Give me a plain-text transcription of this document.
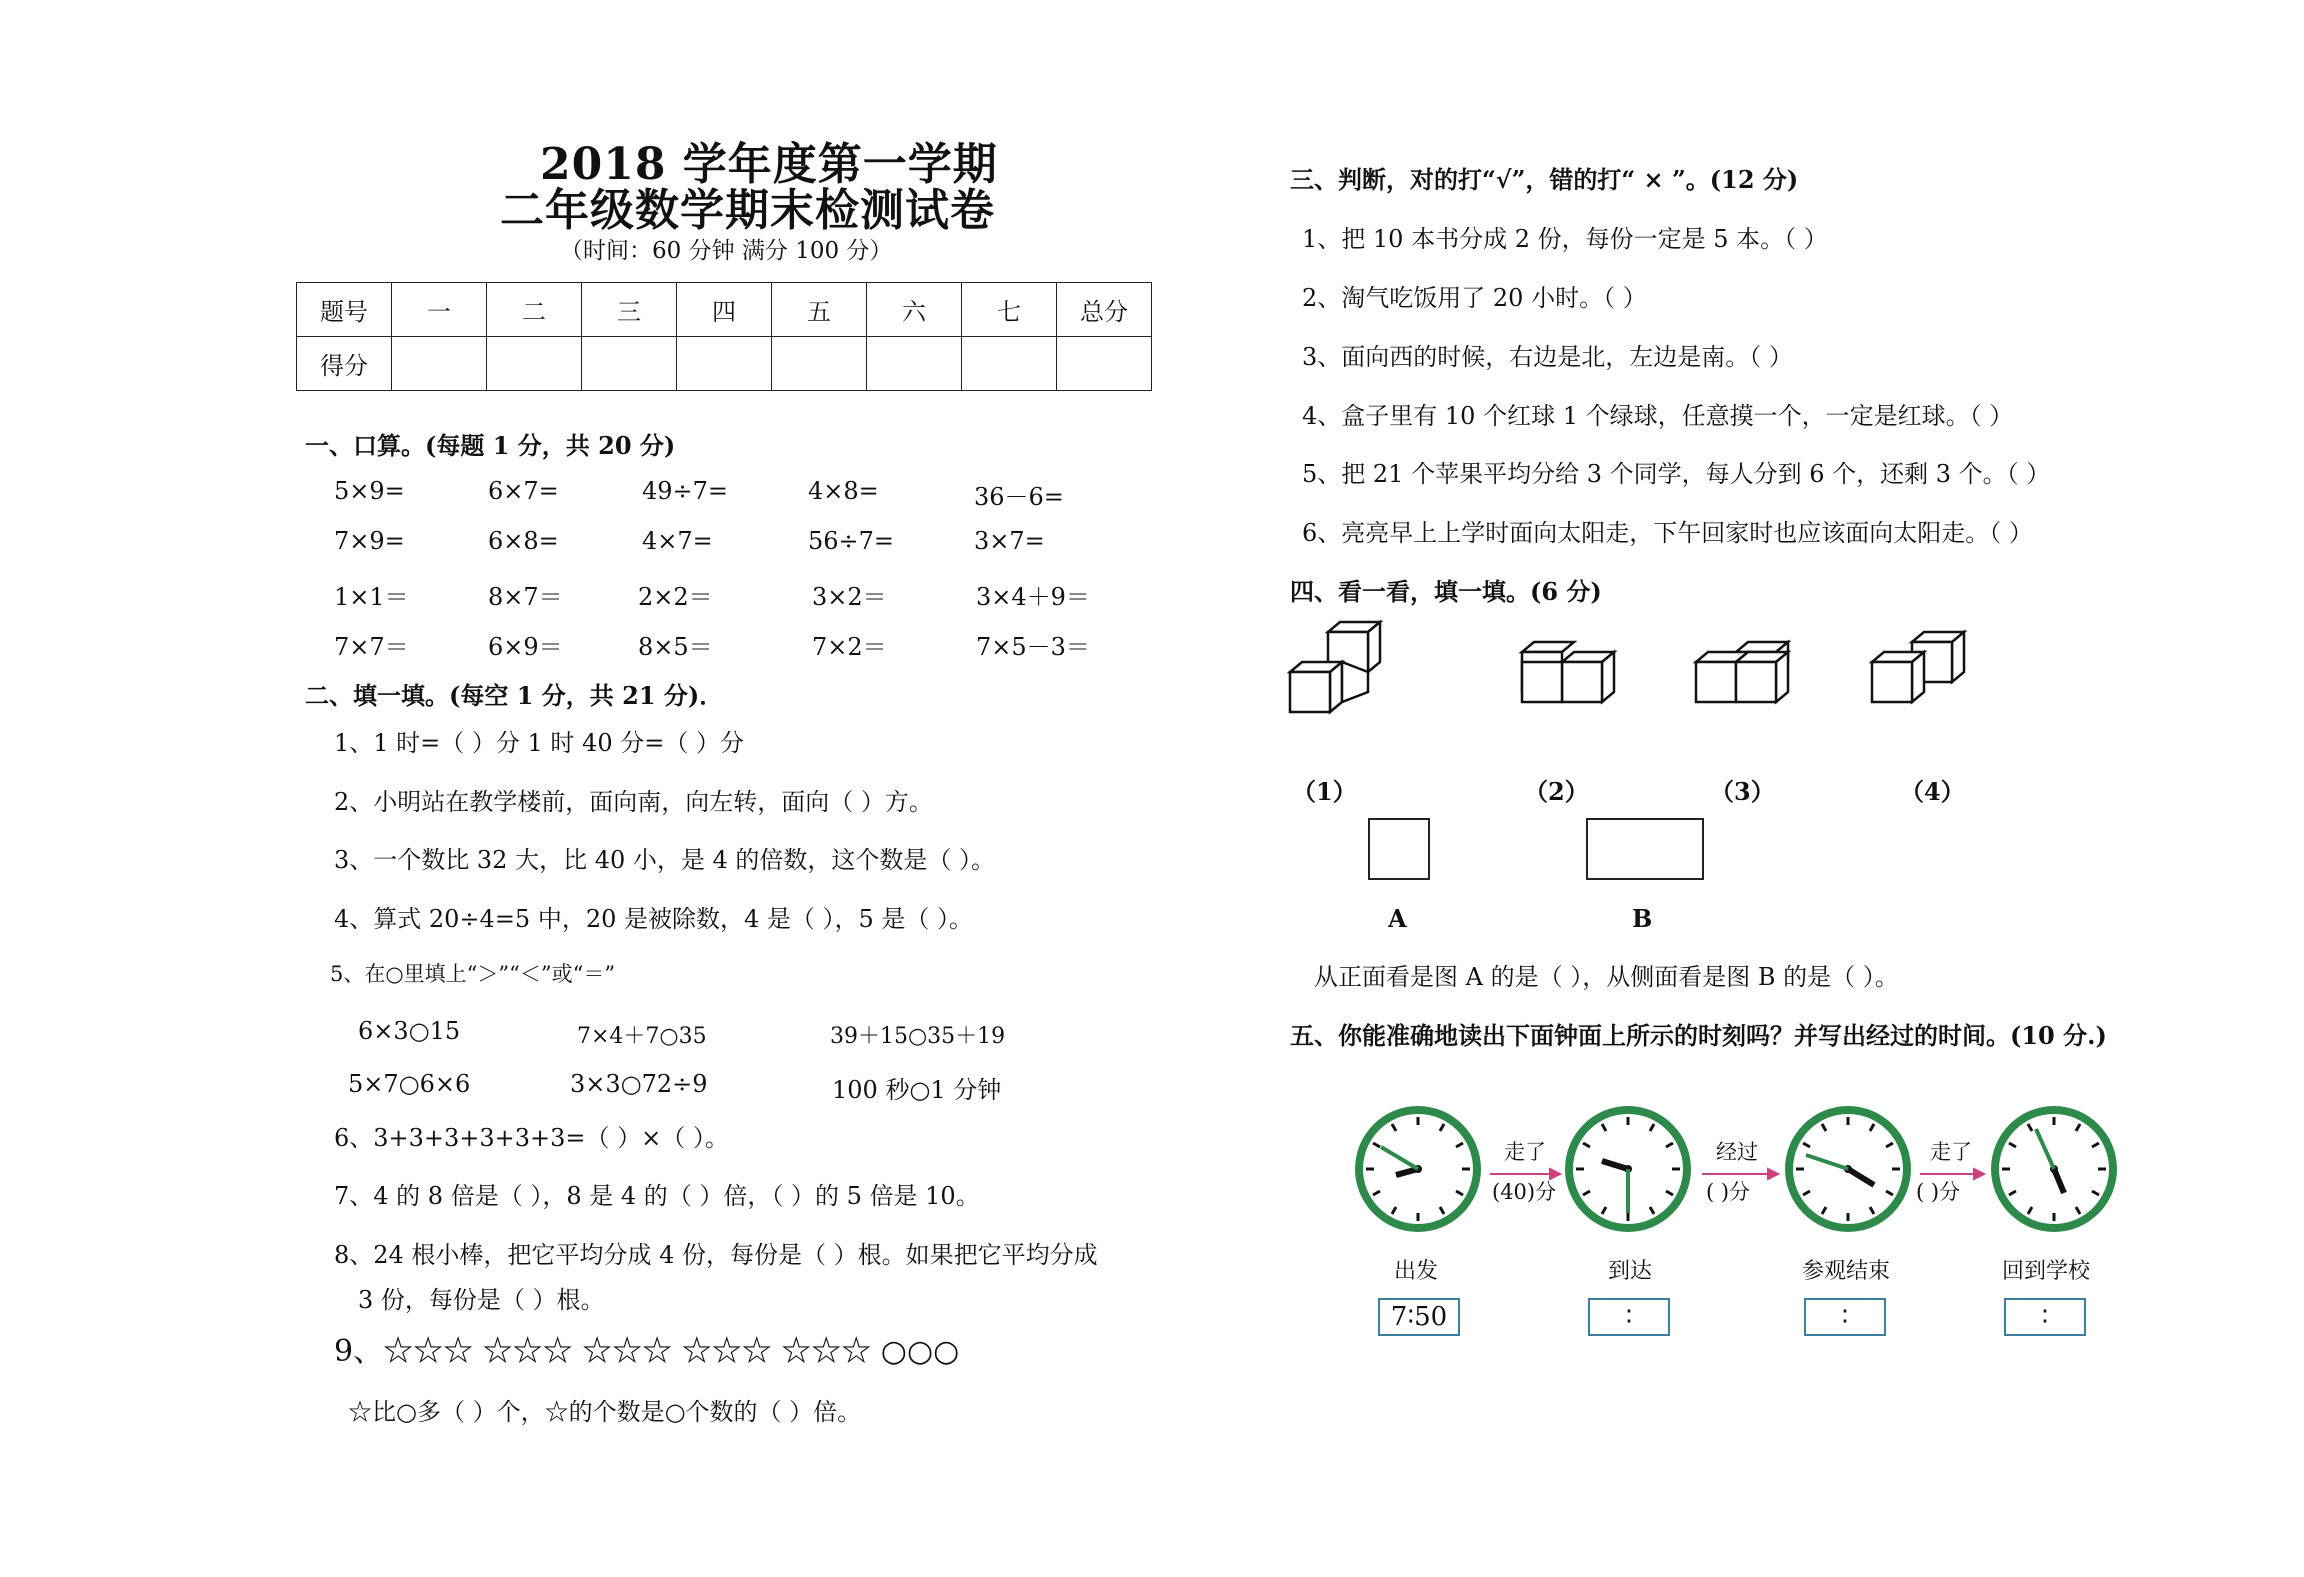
2018 学年度第一学期
二年级数学期末检测试卷
（时间：60 分钟 满分 100 分）
题号	一	二	三	四	五	六	七	总分
得分								
一、口算。(每题 1 分，共 20 分)
5×9=	6×7=	49÷7=	4×8=	36－6=
7×9=	6×8=	4×7=	56÷7=	3×7=
1×1＝	8×7＝	2×2＝	3×2＝	3×4＋9＝
7×7＝	6×9＝	8×5＝	7×2＝	7×5－3＝
二、填一填。(每空 1 分，共 21 分)．
1、1 时=（ ）分 1 时 40 分=（ ）分
2、小明站在教学楼前，面向南，向左转，面向（ ）方。
3、一个数比 32 大，比 40 小，是 4 的倍数，这个数是（ ）。
4、算式 20÷4=5 中，20 是被除数，4 是（ ），5 是（ ）。
5、在○里填上“＞”“＜”或“＝”
6×3○15	7×4＋7○35	39＋15○35＋19
5×7○6×6	3×3○72÷9	100 秒○1 分钟
6、3+3+3+3+3+3=（ ）×（ ）。
7、4 的 8 倍是（ ），8 是 4 的（ ）倍，（ ）的 5 倍是 10。
8、24 根小棒，把它平均分成 4 份，每份是（ ）根。如果把它平均分成
3 份，每份是（ ）根。
9、☆☆☆ ☆☆☆ ☆☆☆ ☆☆☆ ☆☆☆ ○○○
☆比○多（ ）个，☆的个数是○个数的（ ）倍。
三、判断，对的打“√”，错的打“ × ”。(12 分)
1、把 10 本书分成 2 份，每份一定是 5 本。（ ）
2、淘气吃饭用了 20 小时。（ ）
3、面向西的时候，右边是北，左边是南。（ ）
4、盒子里有 10 个红球 1 个绿球，任意摸一个，一定是红球。（ ）
5、把 21 个苹果平均分给 3 个同学，每人分到 6 个，还剩 3 个。（ ）
6、亮亮早上上学时面向太阳走，下午回家时也应该面向太阳走。（ ）
四、看一看，填一填。(6 分)
（1）	（2）	（3）	（4）
A	B
从正面看是图 A 的是（ ），从侧面看是图 B 的是（ ）。
五、你能准确地读出下面钟面上所示的时刻吗？并写出经过的时间。(10 分.)
走了
(40)分
经过
( )分
走了
( )分
出发	到达	参观结束	回到学校
7∶50	∶	∶	∶
